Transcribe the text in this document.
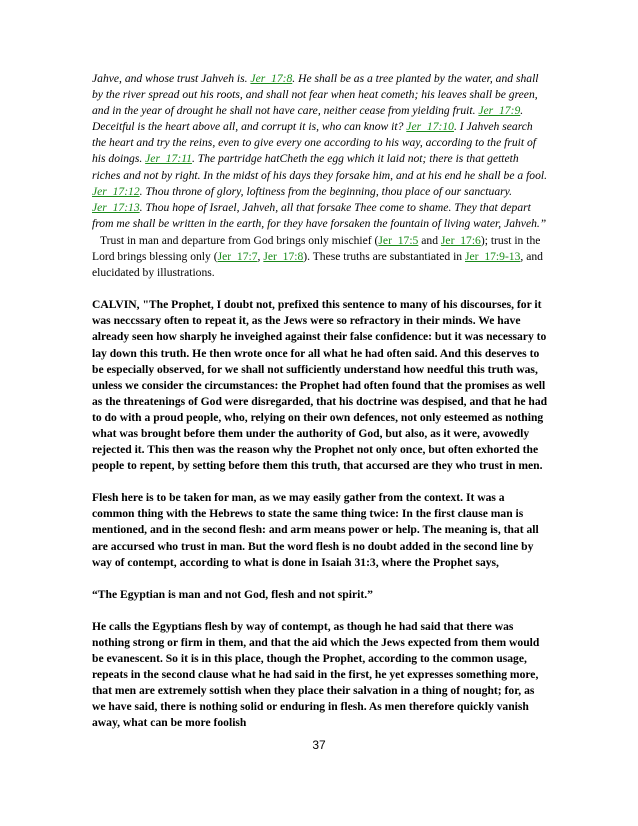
Jahve, and whose trust Jahveh is. Jer_17:8. He shall be as a tree planted by the water, and shall by the river spread out his roots, and shall not fear when heat cometh; his leaves shall be green, and in the year of drought he shall not have care, neither cease from yielding fruit. Jer_17:9. Deceitful is the heart above all, and corrupt it is, who can know it? Jer_17:10. I Jahveh search the heart and try the reins, even to give every one according to his way, according to the fruit of his doings. Jer_17:11. The partridge hatCheth the egg which it laid not; there is that getteth riches and not by right. In the midst of his days they forsake him, and at his end he shall be a fool. Jer_17:12. Thou throne of glory, loftiness from the beginning, thou place of our sanctuary. Jer_17:13. Thou hope of Israel, Jahveh, all that forsake Thee come to shame. They that depart from me shall be written in the earth, for they have forsaken the fountain of living water, Jahveh.”

Trust in man and departure from God brings only mischief (Jer_17:5 and Jer_17:6); trust in the Lord brings blessing only (Jer_17:7, Jer_17:8). These truths are substantiated in Jer_17:9-13, and elucidated by illustrations.

CALVIN, "The Prophet, I doubt not, prefixed this sentence to many of his discourses, for it was neccssary often to repeat it, as the Jews were so refractory in their minds. We have already seen how sharply he inveighed against their false confidence: but it was necessary to lay down this truth. He then wrote once for all what he had often said. And this deserves to be especially observed, for we shall not sufficiently understand how needful this truth was, unless we consider the circumstances: the Prophet had often found that the promises as well as the threatenings of God were disregarded, that his doctrine was despised, and that he had to do with a proud people, who, relying on their own defences, not only esteemed as nothing what was brought before them under the authority of God, but also, as it were, avowedly rejected it. This then was the reason why the Prophet not only once, but often exhorted the people to repent, by setting before them this truth, that accursed are they who trust in men.

Flesh here is to be taken for man, as we may easily gather from the context. It was a common thing with the Hebrews to state the same thing twice: In the first clause man is mentioned, and in the second flesh: and arm means power or help. The meaning is, that all are accursed who trust in man. But the word flesh is no doubt added in the second line by way of contempt, according to what is done in Isaiah 31:3, where the Prophet says,

“The Egyptian is man and not God, flesh and not spirit.”

He calls the Egyptians flesh by way of contempt, as though he had said that there was nothing strong or firm in them, and that the aid which the Jews expected from them would be evanescent. So it is in this place, though the Prophet, according to the common usage, repeats in the second clause what he had said in the first, he yet expresses something more, that men are extremely sottish when they place their salvation in a thing of nought; for, as we have said, there is nothing solid or enduring in flesh. As men therefore quickly vanish away, what can be more foolish

37
